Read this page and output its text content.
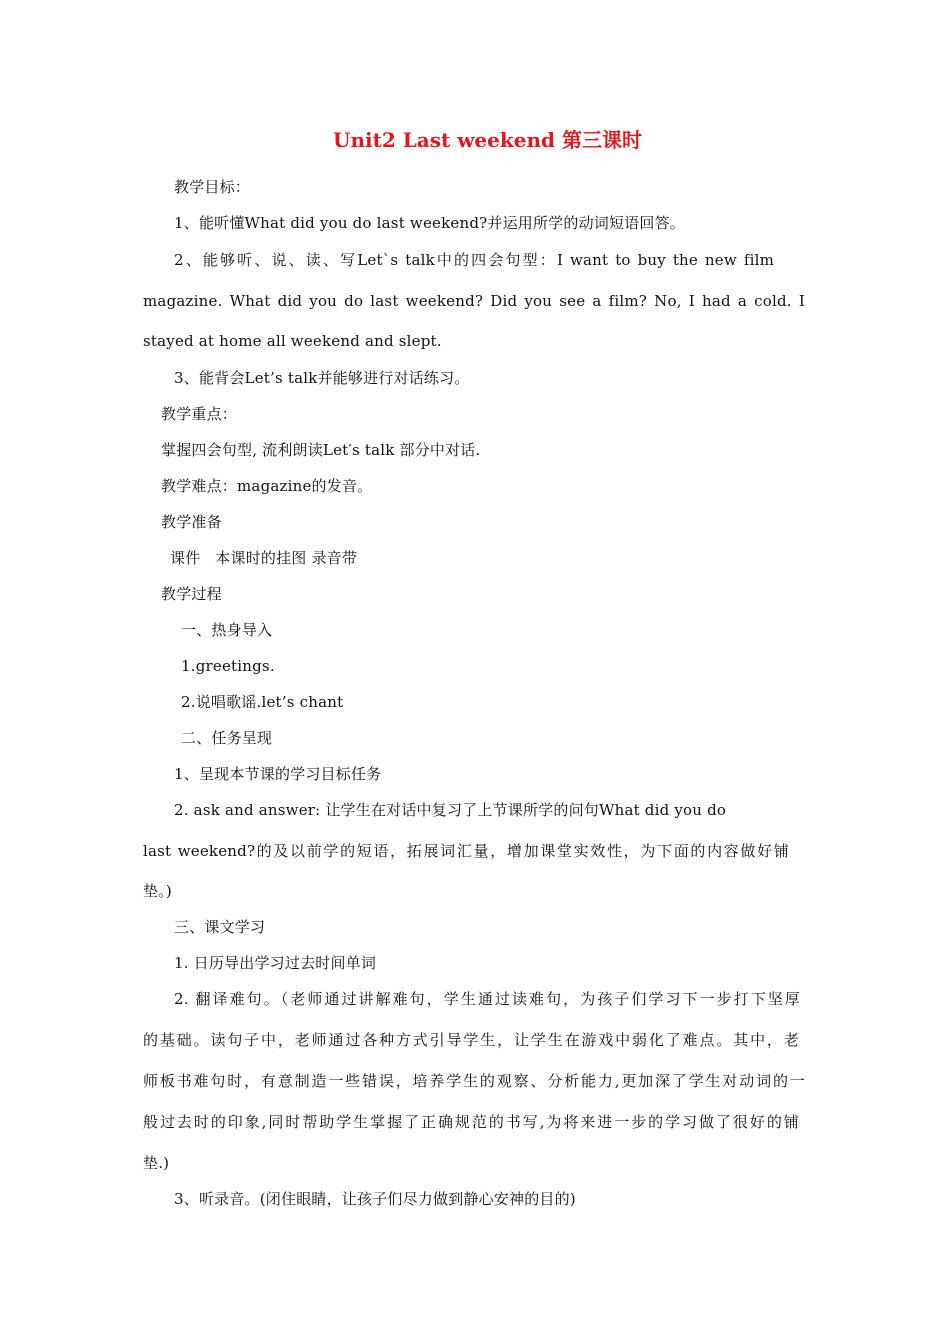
Unit2 Last weekend 第三课时
教学目标：
1、能听懂What did you do last weekend?并运用所学的动词短语回答。
2、能够听、说、读、写Let`s talk中的四会句型：I want to buy the new film
magazine. What did you do last weekend? Did you see a film? No, I had a cold. I
stayed at home all weekend and slept.
3、能背会Let’s talk并能够进行对话练习。
教学重点：
掌握四会句型, 流利朗读Let′s talk 部分中对话.
教学难点：magazine的发音。
教学准备
课件   本课时的挂图 录音带
教学过程
一、热身导入
1.greetings.
2.说唱歌谣.let’s chant
二、任务呈现
1、呈现本节课的学习目标任务
2. ask and answer: 让学生在对话中复习了上节课所学的问句What did you do
last weekend?的及以前学的短语，拓展词汇量，增加课堂实效性，为下面的内容做好铺
垫。)
三、课文学习
1. 日历导出学习过去时间单词
2. 翻译难句。（老师通过讲解难句，学生通过读难句，为孩子们学习下一步打下坚厚
的基础。读句子中，老师通过各种方式引导学生，让学生在游戏中弱化了难点。其中，老
师板书难句时，有意制造一些错误，培养学生的观察、分析能力,更加深了学生对动词的一
般过去时的印象,同时帮助学生掌握了正确规范的书写,为将来进一步的学习做了很好的铺
垫.)
3、听录音。(闭住眼睛，让孩子们尽力做到静心安神的目的)
